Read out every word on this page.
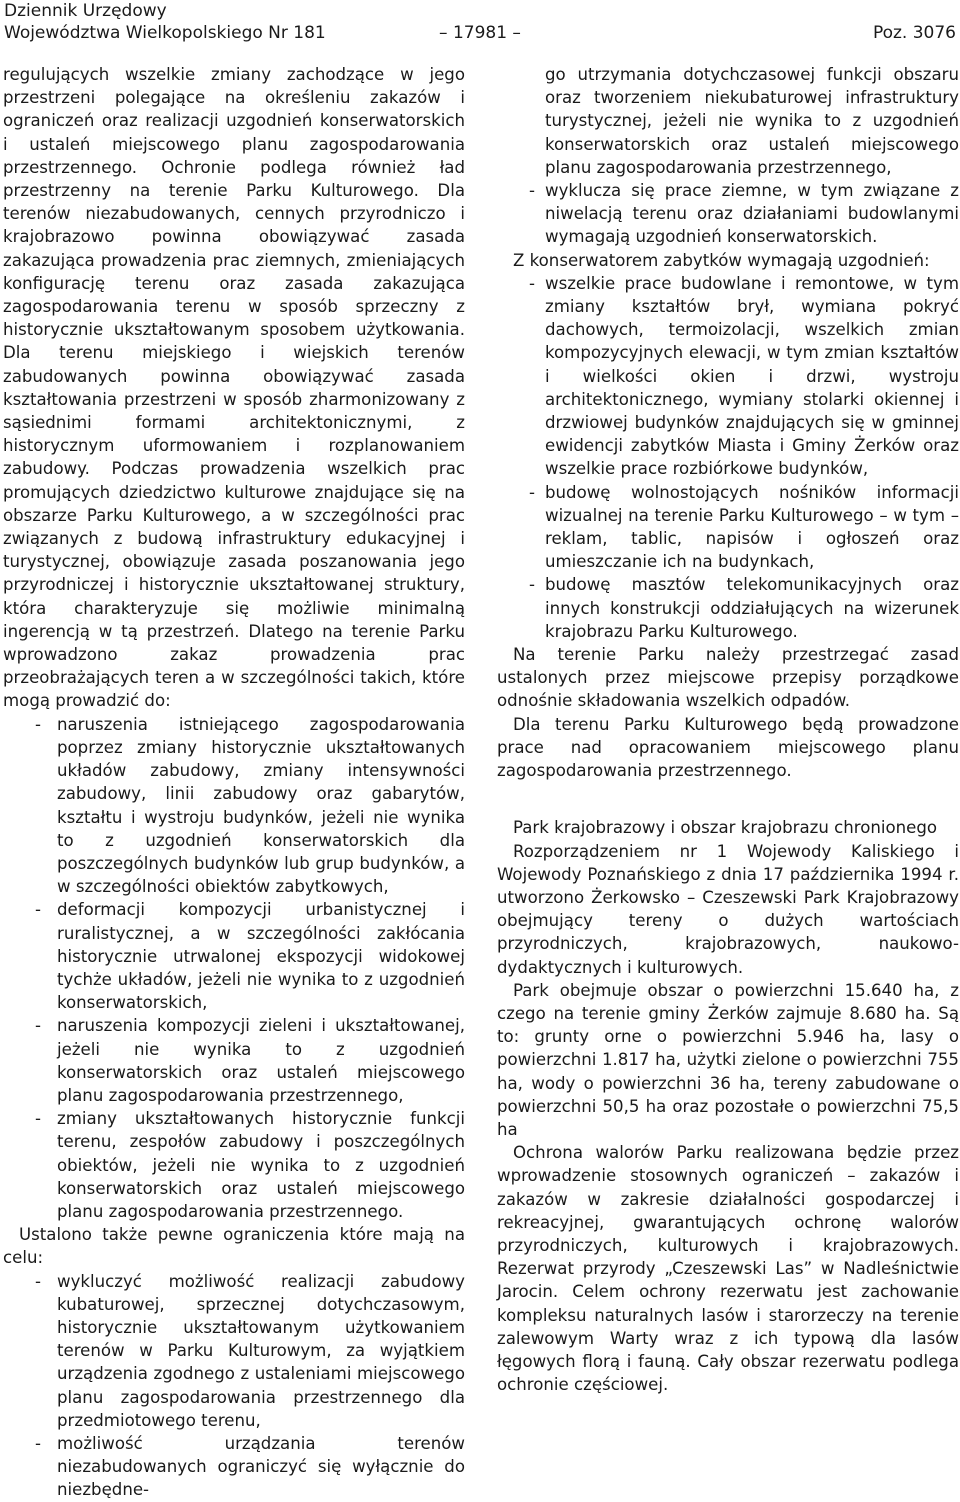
Dziennik Urzędowy
Województwa Wielkopolskiego Nr 181	Poz. 3076
– 17981 –

regulujących wszelkie zmiany zachodzące w jego przestrzeni polegające na określeniu zakazów i ograniczeń oraz realizacji uzgodnień konserwatorskich i ustaleń miejscowego planu zagospodarowania przestrzennego. Ochronie podlega również ład przestrzenny na terenie Parku Kulturowego. Dla terenów niezabudowanych, cennych przyrodniczo i krajobrazowo powinna obowiązywać zasada zakazująca prowadzenia prac ziemnych, zmieniających konfigurację terenu oraz zasada zakazująca zagospodarowania terenu w sposób sprzeczny z historycznie ukształtowanym sposobem użytkowania. Dla terenu miejskiego i wiejskich terenów zabudowanych powinna obowiązywać zasada kształtowania przestrzeni w sposób zharmonizowany z sąsiednimi formami architektonicznymi, z historycznym uformowaniem i rozplanowaniem zabudowy. Podczas prowadzenia wszelkich prac promujących dziedzictwo kulturowe znajdujące się na obszarze Parku Kulturowego, a w szczególności prac związanych z budową infrastruktury edukacyjnej i turystycznej, obowiązuje zasada poszanowania jego przyrodniczej i historycznie ukształtowanej struktury, która charakteryzuje się możliwie minimalną ingerencją w tą przestrzeń. Dlatego na terenie Parku wprowadzono zakaz prowadzenia prac przeobrażających teren a w szczególności takich, które mogą prowadzić do:

- naruszenia istniejącego zagospodarowania poprzez zmiany historycznie ukształtowanych układów zabudowy, zmiany intensywności zabudowy, linii zabudowy oraz gabarytów, kształtu i wystroju budynków, jeżeli nie wynika to z uzgodnień konserwatorskich dla poszczególnych budynków lub grup budynków, a w szczególności obiektów zabytkowych,
- deformacji kompozycji urbanistycznej i ruralistycznej, a w szczególności zakłócania historycznie utrwalonej ekspozycji widokowej tychże układów, jeżeli nie wynika to z uzgodnień konserwatorskich,
- naruszenia kompozycji zieleni i ukształtowanej, jeżeli nie wynika to z uzgodnień konserwatorskich oraz ustaleń miejscowego planu zagospodarowania przestrzennego,
- zmiany ukształtowanych historycznie funkcji terenu, zespołów zabudowy i poszczególnych obiektów, jeżeli nie wynika to z uzgodnień konserwatorskich oraz ustaleń miejscowego planu zagospodarowania przestrzennego.

Ustalono także pewne ograniczenia które mają na celu:

- wykluczyć możliwość realizacji zabudowy kubaturowej, sprzecznej dotychczasowym, historycznie ukształtowanym użytkowaniem terenów w Parku Kulturowym, za wyjątkiem urządzenia zgodnego z ustaleniami miejscowego planu zagospodarowania przestrzennego dla przedmiotowego terenu,
- możliwość urządzania terenów niezabudowanych ograniczyć się wyłącznie do niezbędne-

go utrzymania dotychczasowej funkcji obszaru oraz tworzeniem niekubaturowej infrastruktury turystycznej, jeżeli nie wynika to z uzgodnień konserwatorskich oraz ustaleń miejscowego planu zagospodarowania przestrzennego,

- wyklucza się prace ziemne, w tym związane z niwelacją terenu oraz działaniami budowlanymi wymagają uzgodnień konserwatorskich.

Z konserwatorem zabytków wymagają uzgodnień:

- wszelkie prace budowlane i remontowe, w tym zmiany kształtów brył, wymiana pokryć dachowych, termoizolacji, wszelkich zmian kompozycyjnych elewacji, w tym zmian kształtów i wielkości okien i drzwi, wystroju architektonicznego, wymiany stolarki okiennej i drzwiowej budynków znajdujących się w gminnej ewidencji zabytków Miasta i Gminy Żerków oraz wszelkie prace rozbiórkowe budynków,
- budowę wolnostojących nośników informacji wizualnej na terenie Parku Kulturowego – w tym – reklam, tablic, napisów i ogłoszeń oraz umieszczanie ich na budynkach,
- budowę masztów telekomunikacyjnych oraz innych konstrukcji oddziałujących na wizerunek krajobrazu Parku Kulturowego.

Na terenie Parku należy przestrzegać zasad ustalonych przez miejscowe przepisy porządkowe odnośnie składowania wszelkich odpadów.

Dla terenu Parku Kulturowego będą prowadzone prace nad opracowaniem miejscowego planu zagospodarowania przestrzennego.

Park krajobrazowy i obszar krajobrazu chronionego

Rozporządzeniem nr 1 Wojewody Kaliskiego i Wojewody Poznańskiego z dnia 17 października 1994 r. utworzono Żerkowsko – Czeszewski Park Krajobrazowy obejmujący tereny o dużych wartościach przyrodniczych, krajobrazowych, naukowo-dydaktycznych i kulturowych.

Park obejmuje obszar o powierzchni 15.640 ha, z czego na terenie gminy Żerków zajmuje 8.680 ha. Są to: grunty orne o powierzchni 5.946 ha, lasy o powierzchni 1.817 ha, użytki zielone o powierzchni 755 ha, wody o powierzchni 36 ha, tereny zabudowane o powierzchni 50,5 ha oraz pozostałe o powierzchni 75,5 ha

Ochrona walorów Parku realizowana będzie przez wprowadzenie stosownych ograniczeń – zakazów i zakazów w zakresie działalności gospodarczej i rekreacyjnej, gwarantujących ochronę walorów przyrodniczych, kulturowych i krajobrazowych. Rezerwat przyrody „Czeszewski Las” w Nadleśnictwie Jarocin. Celem ochrony rezerwatu jest zachowanie kompleksu naturalnych lasów i starorzeczy na terenie zalewowym Warty wraz z ich typową dla lasów łęgowych florą i fauną. Cały obszar rezerwatu podlega ochronie częściowej.
